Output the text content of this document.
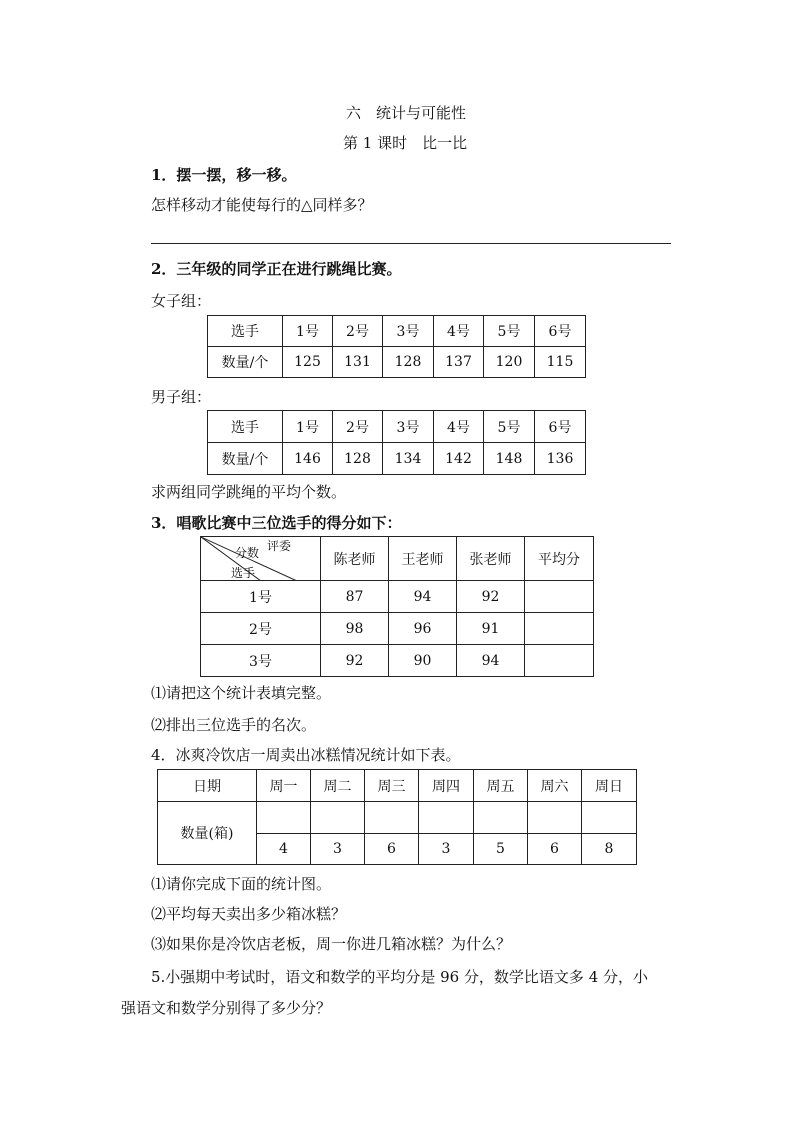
六　统计与可能性
第 1 课时　比一比
1．摆一摆，移一移。
怎样移动才能使每行的△同样多？
2．三年级的同学正在进行跳绳比赛。
女子组：
选手	1号	2号	3号	4号	5号	6号
数量/个	125	131	128	137	120	115
男子组：
选手	1号	2号	3号	4号	5号	6号
数量/个	146	128	134	142	148	136
求两组同学跳绳的平均个数。
3．唱歌比赛中三位选手的得分如下：
评委
分数
选手	陈老师	王老师	张老师	平均分
1号	87	94	92	
2号	98	96	91	
3号	92	90	94	
⑴请把这个统计表填完整。
⑵排出三位选手的名次。
4．冰爽冷饮店一周卖出冰糕情况统计如下表。
日期	周一	周二	周三	周四	周五	周六	周日
数量(箱)							
	4	3	6	3	5	6	8
⑴请你完成下面的统计图。
⑵平均每天卖出多少箱冰糕？
⑶如果你是冷饮店老板，周一你进几箱冰糕？为什么？
5.小强期中考试时，语文和数学的平均分是 96 分，数学比语文多 4 分，小
强语文和数学分别得了多少分？
